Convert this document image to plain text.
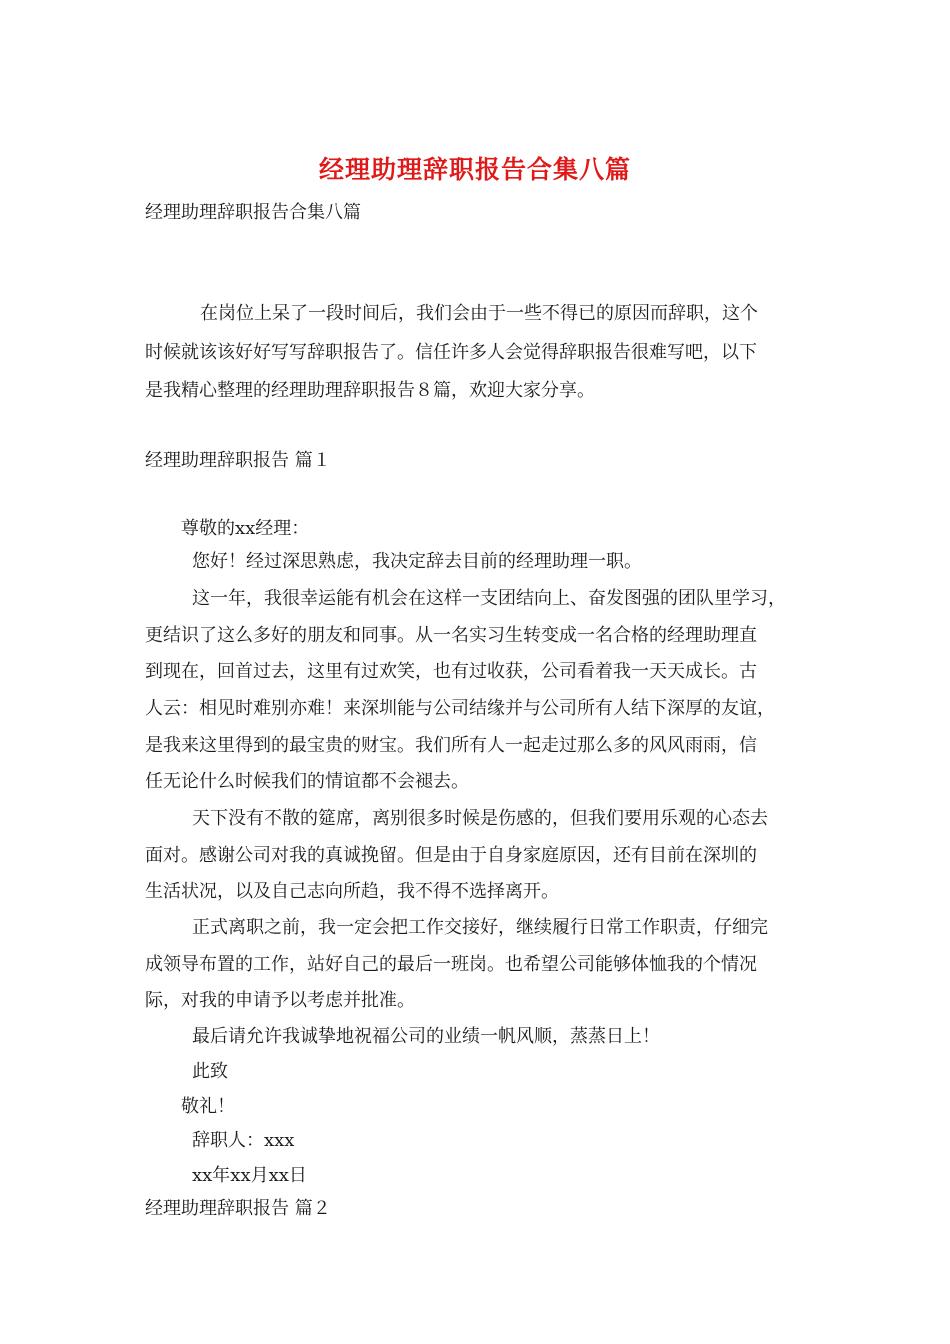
经理助理辞职报告合集八篇

经理助理辞职报告合集八篇

在岗位上呆了一段时间后，我们会由于一些不得已的原因而辞职，这个

时候就该该好好写写辞职报告了。信任许多人会觉得辞职报告很难写吧，以下

是我精心整理的经理助理辞职报告８篇，欢迎大家分享。

经理助理辞职报告 篇１

尊敬的xx经理：

您好！经过深思熟虑，我决定辞去目前的经理助理一职。

这一年，我很幸运能有机会在这样一支团结向上、奋发图强的团队里学习，

更结识了这么多好的朋友和同事。从一名实习生转变成一名合格的经理助理直

到现在，回首过去，这里有过欢笑，也有过收获，公司看着我一天天成长。古

人云：相见时难别亦难！来深圳能与公司结缘并与公司所有人结下深厚的友谊，

是我来这里得到的最宝贵的财宝。我们所有人一起走过那么多的风风雨雨，信

任无论什么时候我们的情谊都不会褪去。

天下没有不散的筵席，离别很多时候是伤感的，但我们要用乐观的心态去

面对。感谢公司对我的真诚挽留。但是由于自身家庭原因，还有目前在深圳的

生活状况，以及自己志向所趋，我不得不选择离开。

正式离职之前，我一定会把工作交接好，继续履行日常工作职责，仔细完

成领导布置的工作，站好自己的最后一班岗。也希望公司能够体恤我的个情况

际，对我的申请予以考虑并批准。

最后请允许我诚挚地祝福公司的业绩一帆风顺，蒸蒸日上！

此致

敬礼！

辞职人：xxx

xx年xx月xx日

经理助理辞职报告 篇２
